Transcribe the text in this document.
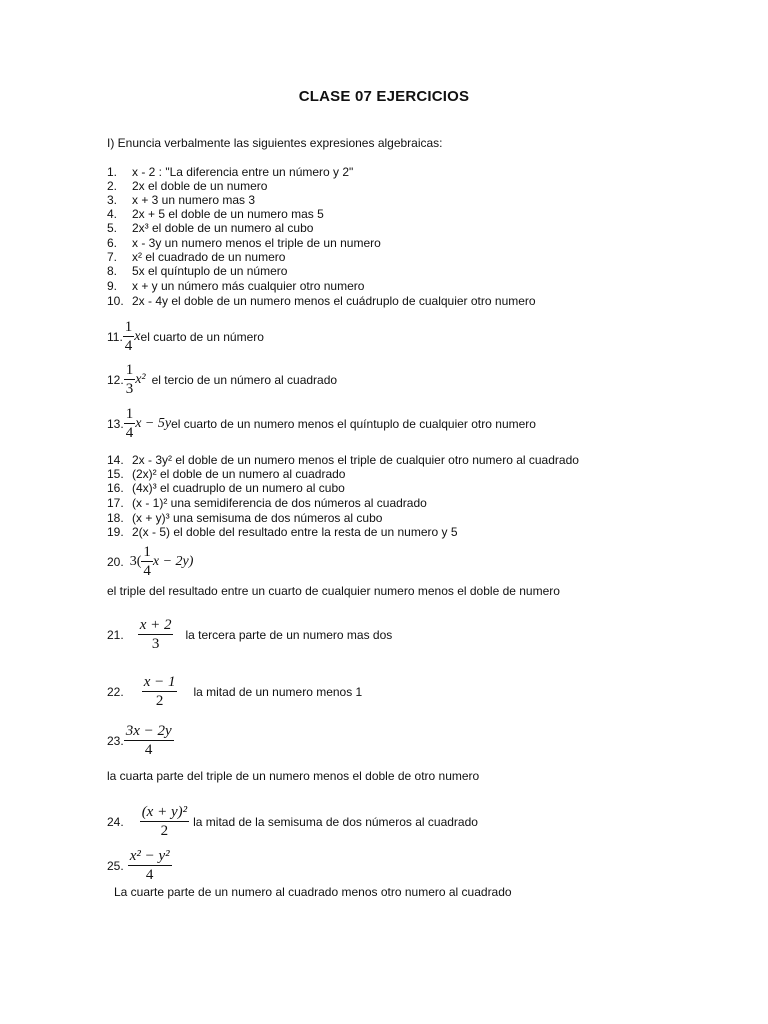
CLASE 07 EJERCICIOS
I) Enuncia verbalmente las siguientes expresiones algebraicas:
1. x - 2 : "La diferencia entre un número y 2"
2. 2x el doble de un numero
3. x + 3 un numero mas 3
4. 2x + 5 el doble de un numero mas 5
5. 2x³ el doble de un numero al cubo
6. x - 3y un numero menos el triple de un numero
7. x² el cuadrado de un numero
8. 5x el quíntuplo de un número
9. x + y un número más cualquier otro numero
10. 2x - 4y el doble de un numero menos el cuádruplo de cualquier otro numero
11. $\frac{1}{4}$ x el cuarto de un número
12. $\frac{1}{3} x^2$ el tercio de un número al cuadrado
13. $\frac{1}{4}$ x − 5y el cuarto de un numero menos el quíntuplo de cualquier otro numero
14. 2x - 3y² el doble de un numero menos el triple de cualquier otro numero al cuadrado
15. (2x)² el doble de un numero al cuadrado
16. (4x)³ el cuadruplo de un numero al cubo
17. (x - 1)² una semidiferencia de dos números al cuadrado
18. (x + y)³ una semisuma de dos números al cubo
19. 2(x - 5) el doble del resultado entre la resta de un numero y 5
20. $3( \frac{1}{4}$ x − 2y)
el triple del resultado entre un cuarto de cualquier numero menos el doble de numero
21. $\frac{x + 2}{3}$ la tercera parte de un numero mas dos
22. $\frac{x - 1}{2}$ la mitad de un numero menos 1
23. $\frac{3x - 2y}{4}$
la cuarta parte del triple de un numero menos el doble de otro numero
24. $\frac{\text{(x + y)²}}{2}$ la mitad de la semisuma de dos números al cuadrado
25. $\frac{\text{x² − y²}}{4}$
La cuarte parte de un numero al cuadrado menos otro numero al cuadrado
